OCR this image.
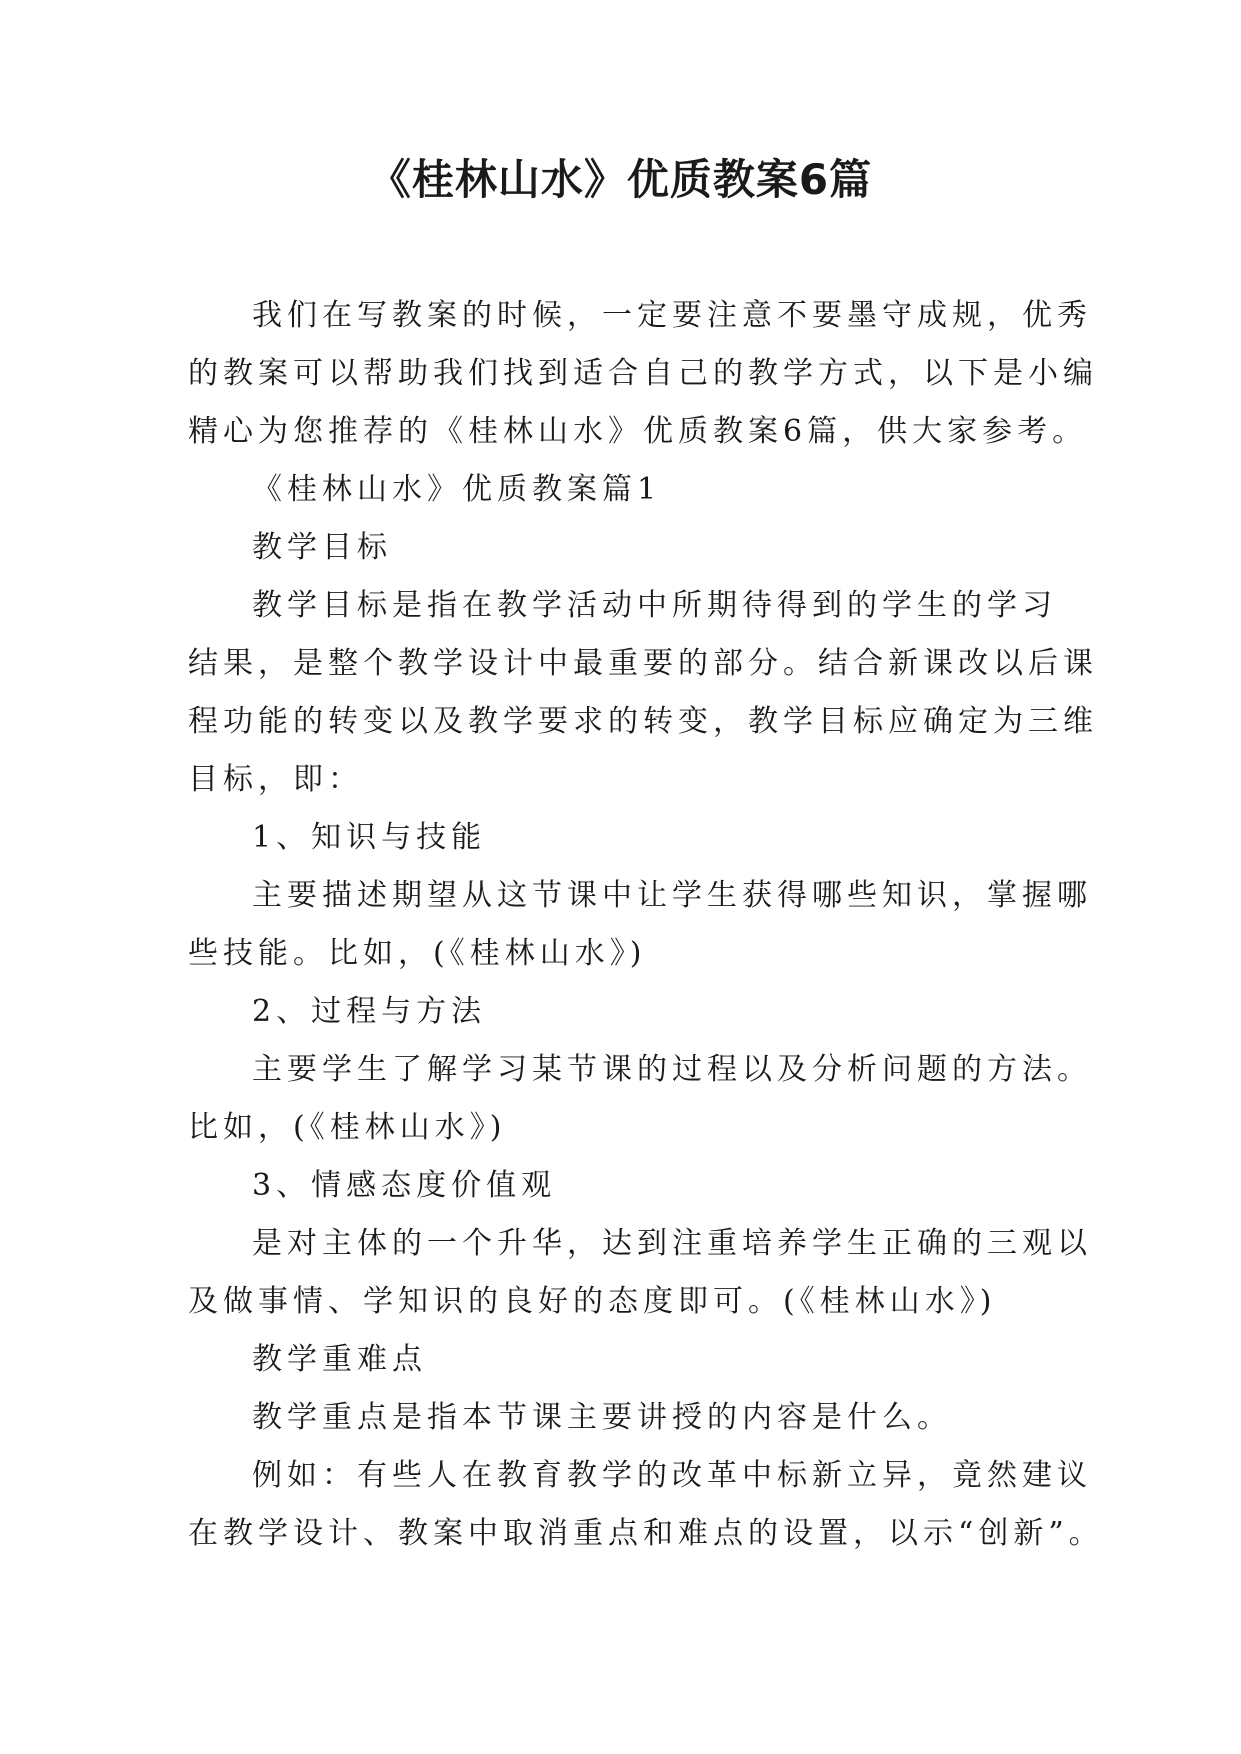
《桂林山水》优质教案6篇
我们在写教案的时候，一定要注意不要墨守成规，优秀
的教案可以帮助我们找到适合自己的教学方式，以下是小编
精心为您推荐的《桂林山水》优质教案6篇，供大家参考。
《桂林山水》优质教案篇1
教学目标
教学目标是指在教学活动中所期待得到的学生的学习
结果，是整个教学设计中最重要的部分。结合新课改以后课
程功能的转变以及教学要求的转变，教学目标应确定为三维
目标，即：
1、知识与技能
主要描述期望从这节课中让学生获得哪些知识，掌握哪
些技能。比如，(《桂林山水》)
2、过程与方法
主要学生了解学习某节课的过程以及分析问题的方法。
比如，(《桂林山水》)
3、情感态度价值观
是对主体的一个升华，达到注重培养学生正确的三观以
及做事情、学知识的良好的态度即可。(《桂林山水》)
教学重难点
教学重点是指本节课主要讲授的内容是什么。
例如：有些人在教育教学的改革中标新立异，竟然建议
在教学设计、教案中取消重点和难点的设置，以示“创新”。
